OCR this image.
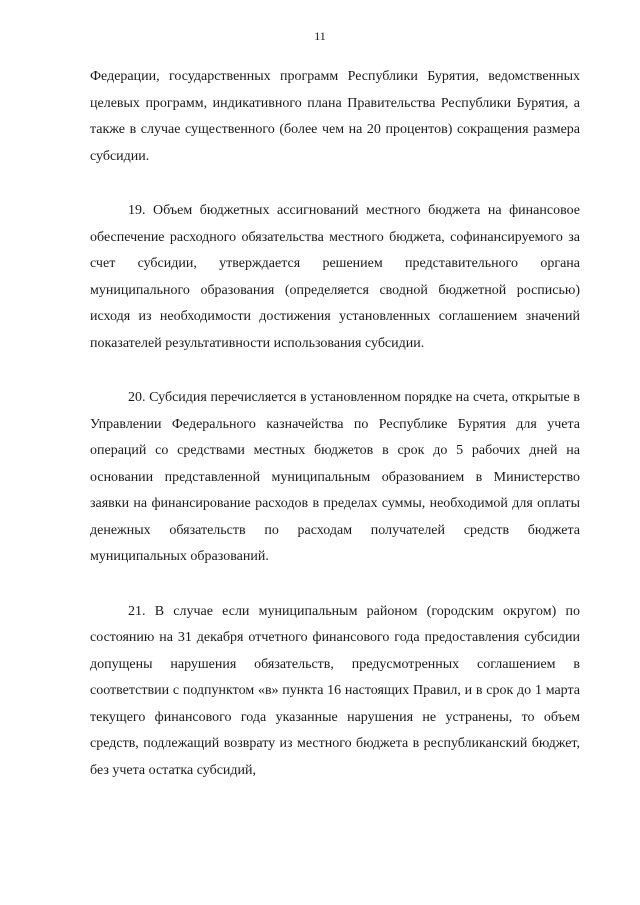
11

Федерации, государственных программ Республики Бурятия, ведомственных целевых программ, индикативного плана Правительства Республики Бурятия, а также в случае существенного (более чем на 20 процентов) сокращения размера субсидии.

19. Объем бюджетных ассигнований местного бюджета на финансовое обеспечение расходного обязательства местного бюджета, софинансируемого за счет субсидии, утверждается решением представительного органа муниципального образования (определяется сводной бюджетной росписью) исходя из необходимости достижения установленных соглашением значений показателей результативности использования субсидии.

20. Субсидия перечисляется в установленном порядке на счета, открытые в Управлении Федерального казначейства по Республике Бурятия для учета операций со средствами местных бюджетов в срок до 5 рабочих дней на основании представленной муниципальным образованием в Министерство заявки на финансирование расходов в пределах суммы, необходимой для оплаты денежных обязательств по расходам получателей средств бюджета муниципальных образований.

21. В случае если муниципальным районом (городским округом) по состоянию на 31 декабря отчетного финансового года предоставления субсидии допущены нарушения обязательств, предусмотренных соглашением в соответствии с подпунктом «в» пункта 16 настоящих Правил, и в срок до 1 марта текущего финансового года указанные нарушения не устранены, то объем средств, подлежащий возврату из местного бюджета в республиканский бюджет, без учета остатка субсидий,
